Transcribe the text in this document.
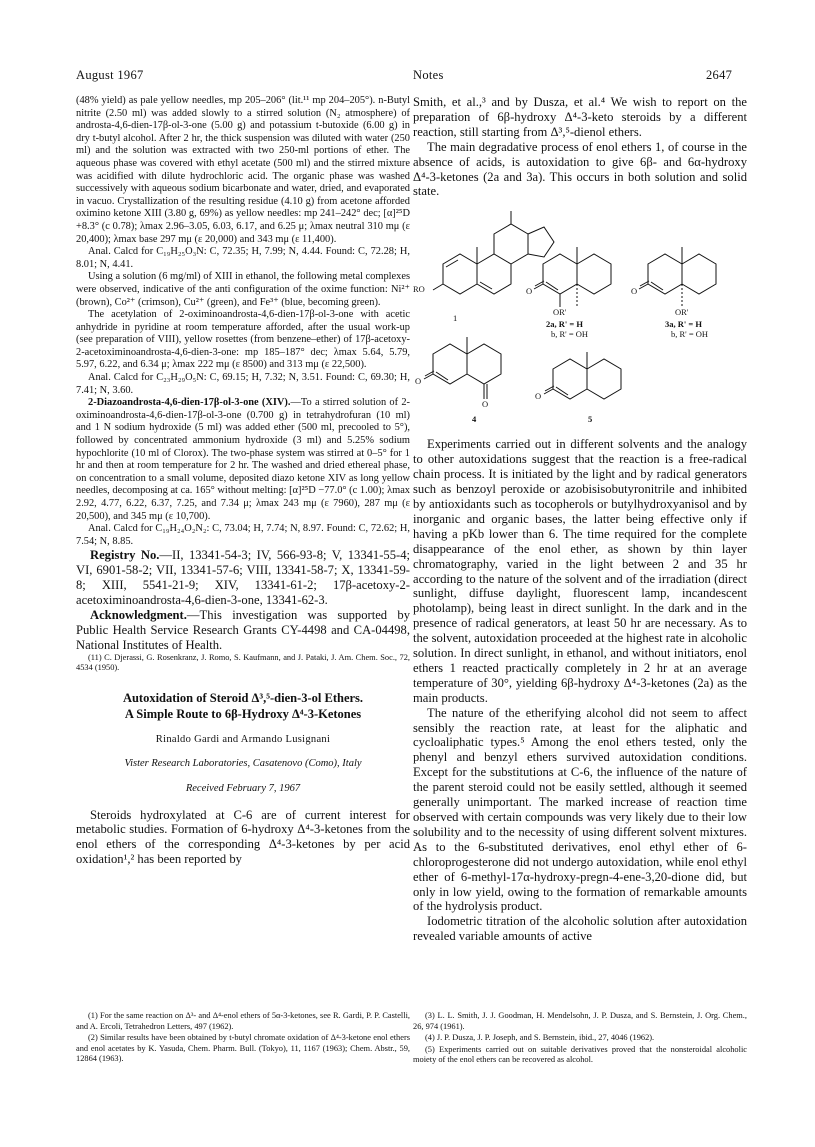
August 1967	Notes	2647

(48% yield) as pale yellow needles, mp 205–206° (lit.¹¹ mp 204–205°). n-Butyl nitrite (2.50 ml) was added slowly to a stirred solution (N₂ atmosphere) of androsta-4,6-dien-17β-ol-3-one (5.00 g) and potassium t-butoxide (6.00 g) in dry t-butyl alcohol. After 2 hr, the thick suspension was diluted with water (250 ml) and the solution was extracted with two 250-ml portions of ether. The aqueous phase was covered with ethyl acetate (500 ml) and the stirred mixture was acidified with dilute hydrochloric acid. The organic phase was washed successively with aqueous sodium bicarbonate and water, dried, and evaporated in vacuo. Crystallization of the resulting residue (4.10 g) from acetone afforded oximino ketone XIII (3.80 g, 69%) as yellow needles: mp 241–242° dec; [α]²⁵D +8.3° (c 0.78); λmax 2.96–3.05, 6.03, 6.17, and 6.25 μ; λmax neutral 310 mμ (ε 20,400); λmax base 297 mμ (ε 20,000) and 343 mμ (ε 11,400).

Anal. Calcd for C₁₉H₂₅O₃N: C, 72.35; H, 7.99; N, 4.44. Found: C, 72.28; H, 8.01; N, 4.41.

Using a solution (6 mg/ml) of XIII in ethanol, the following metal complexes were observed, indicative of the anti configuration of the oxime function: Ni²⁺ (brown), Co²⁺ (crimson), Cu²⁺ (green), and Fe³⁺ (blue, becoming green).

The acetylation of 2-oximinoandrosta-4,6-dien-17β-ol-3-one with acetic anhydride in pyridine at room temperature afforded, after the usual work-up (see preparation of VIII), yellow rosettes (from benzene–ether) of 17β-acetoxy-2-acetoximinoandrosta-4,6-dien-3-one: mp 185–187° dec; λmax 5.64, 5.79, 5.97, 6.22, and 6.34 μ; λmax 222 mμ (ε 8500) and 313 mμ (ε 22,500).

Anal. Calcd for C₂₃H₂₉O₅N: C, 69.15; H, 7.32; N, 3.51. Found: C, 69.30; H, 7.41; N, 3.60.

2-Diazoandrosta-4,6-dien-17β-ol-3-one (XIV).—To a stirred solution of 2-oximinoandrosta-4,6-dien-17β-ol-3-one (0.700 g) in tetrahydrofuran (10 ml) and 1 N sodium hydroxide (5 ml) was added ether (500 ml, precooled to 5°), followed by concentrated ammonium hydroxide (3 ml) and 5.25% sodium hypochlorite (10 ml of Clorox). The two-phase system was stirred at 0–5° for 1 hr and then at room temperature for 2 hr. The washed and dried ethereal phase, on concentration to a small volume, deposited diazo ketone XIV as long yellow needles, decomposing at ca. 165° without melting: [α]²⁵D −77.0° (c 1.00); λmax 2.92, 4.77, 6.22, 6.37, 7.25, and 7.34 μ; λmax 243 mμ (ε 7960), 287 mμ (ε 20,500), and 345 mμ (ε 10,700).

Anal. Calcd for C₁₉H₂₄O₂N₂: C, 73.04; H, 7.74; N, 8.97. Found: C, 72.62; H, 7.54; N, 8.85.

Registry No.—II, 13341-54-3; IV, 566-93-8; V, 13341-55-4; VI, 6901-58-2; VII, 13341-57-6; VIII, 13341-58-7; X, 13341-59-8; XIII, 5541-21-9; XIV, 13341-61-2; 17β-acetoxy-2-acetoximinoandrosta-4,6-dien-3-one, 13341-62-3.

Acknowledgment.—This investigation was supported by Public Health Service Research Grants CY-4498 and CA-04498, National Institutes of Health.

(11) C. Djerassi, G. Rosenkranz, J. Romo, S. Kaufmann, and J. Pataki, J. Am. Chem. Soc., 72, 4534 (1950).

Autoxidation of Steroid Δ³,⁵-dien-3-ol Ethers.
A Simple Route to 6β-Hydroxy Δ⁴-3-Ketones
Rinaldo Gardi and Armando Lusignani
Vister Research Laboratories, Casatenovo (Como), Italy
Received February 7, 1967

Steroids hydroxylated at C-6 are of current interest for metabolic studies. Formation of 6-hydroxy Δ⁴-3-ketones from the enol ethers of the corresponding Δ⁴-3-ketones by per acid oxidation¹,² has been reported by

Smith, et al.,³ and by Dusza, et al.⁴ We wish to report on the preparation of 6β-hydroxy Δ⁴-3-keto steroids by a different reaction, still starting from Δ³,⁵-dienol ethers.

The main degradative process of enol ethers 1, of course in the absence of acids, is autoxidation to give 6β- and 6α-hydroxy Δ⁴-3-ketones (2a and 3a). This occurs in both solution and solid state.

RO
1
O
OR'
2a, R' = H
b, R' = OH
O
OR'
3a, R' = H
b, R' = OH
O
O
4
O
5

Experiments carried out in different solvents and the analogy to other autoxidations suggest that the reaction is a free-radical chain process. It is initiated by the light and by radical generators such as benzoyl peroxide or azobisisobutyronitrile and inhibited by antioxidants such as tocopherols or butylhydroxyanisol and by inorganic and organic bases, the latter being effective only if having a pKb lower than 6. The time required for the complete disappearance of the enol ether, as shown by thin layer chromatography, varied in the light between 2 and 35 hr according to the nature of the solvent and of the irradiation (direct sunlight, diffuse daylight, fluorescent lamp, incandescent photolamp), being least in direct sunlight. In the dark and in the presence of radical generators, at least 50 hr are necessary. As to the solvent, autoxidation proceeded at the highest rate in alcoholic solution. In direct sunlight, in ethanol, and without initiators, enol ethers 1 reacted practically completely in 2 hr at an average temperature of 30°, yielding 6β-hydroxy Δ⁴-3-ketones (2a) as the main products.

The nature of the etherifying alcohol did not seem to affect sensibly the reaction rate, at least for the aliphatic and cycloaliphatic types.⁵ Among the enol ethers tested, only the phenyl and benzyl ethers survived autoxidation conditions. Except for the substitutions at C-6, the influence of the nature of the parent steroid could not be easily settled, although it seemed generally unimportant. The marked increase of reaction time observed with certain compounds was very likely due to their low solubility and to the necessity of using different solvent mixtures. As to the 6-substituted derivatives, enol ethyl ether of 6-chloroprogesterone did not undergo autoxidation, while enol ethyl ether of 6-methyl-17α-hydroxy-pregn-4-ene-3,20-dione did, but only in low yield, owing to the formation of remarkable amounts of the hydrolysis product.

Iodometric titration of the alcoholic solution after autoxidation revealed variable amounts of active

(1) For the same reaction on Δ³- and Δ⁴-enol ethers of 5α-3-ketones, see R. Gardi, P. P. Castelli, and A. Ercoli, Tetrahedron Letters, 497 (1962).

(2) Similar results have been obtained by t-butyl chromate oxidation of Δ⁴-3-ketone enol ethers and enol acetates by K. Yasuda, Chem. Pharm. Bull. (Tokyo), 11, 1167 (1963); Chem. Abstr., 59, 12864 (1963).

(3) L. L. Smith, J. J. Goodman, H. Mendelsohn, J. P. Dusza, and S. Bernstein, J. Org. Chem., 26, 974 (1961).

(4) J. P. Dusza, J. P. Joseph, and S. Bernstein, ibid., 27, 4046 (1962).

(5) Experiments carried out on suitable derivatives proved that the nonsteroidal alcoholic moiety of the enol ethers can be recovered as alcohol.
